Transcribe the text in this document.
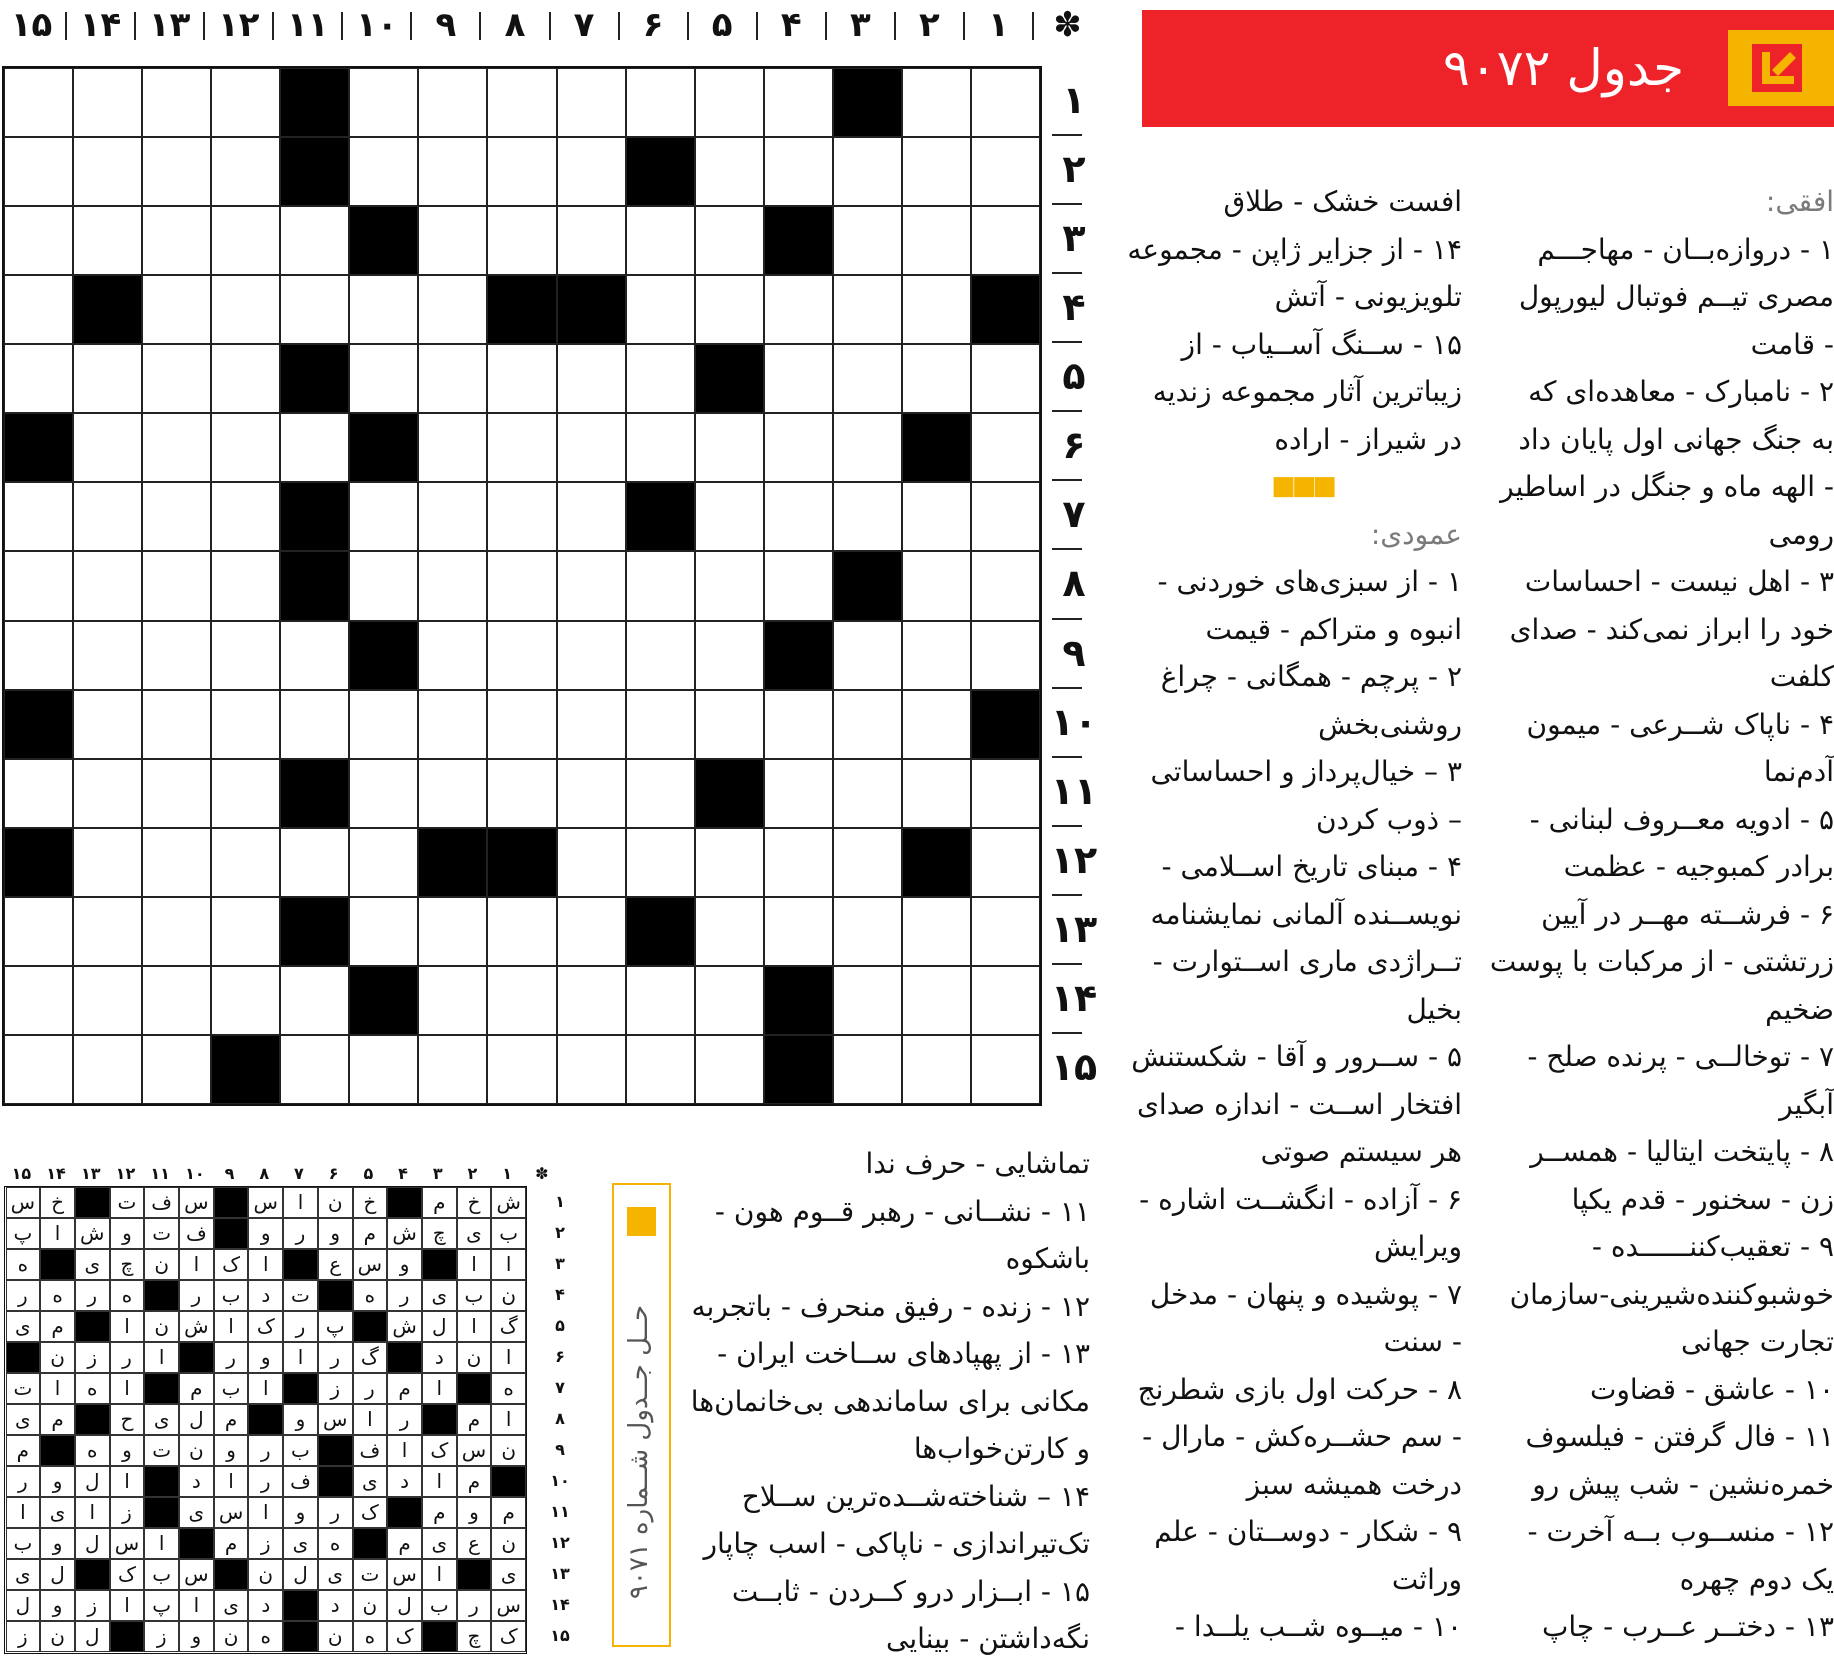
۱۵ ۱۴ ۱۳ ۱۲ ۱۱ ۱۰	۹	۸	۷	۶	۵	۴	۳	۲	۱	✽
۱
۲
۳
۴
۵
۶
۷
۸
۹
۱۰
۱۱
۱۲
۱۳
۱۴
۱۵
جدول ۹۰۷۲
افقی:
۱ - دروازه‌بــان - مهاجـــم
مصری تیــم فوتبال لیورپول
- قامت
۲ - نامبارک - معاهده‌ای که
به جنگ جهانی اول پایان داد
- الهه ماه و جنگل در اساطیر
رومی
۳ - اهل نیست - احساسات
خود را ابراز نمی‌کند - صدای
کلفت
۴ - ناپاک شــرعی - میمون
آدم‌نما
۵ - ادویه معــروف لبنانی -
برادر کمبوجیه - عظمت
۶ - فرشــته مهــر در آیین
زرتشتی - از مرکبات با پوست
ضخیم
۷ - توخالــی - پرنده صلح -
آبگیر
۸ - پایتخت ایتالیا - همســر
زن - سخنور - قدم یکپا
۹ - تعقیب‌کننــــــده -
خوشبوکننده‌شیرینی-سازمان
تجارت جهانی
۱۰ - عاشق - قضاوت
۱۱ - فال گرفتن - فیلسوف
خمره‌نشین - شب پیش رو
۱۲ - منســوب بــه آخرت -
یک دوم چهره
۱۳ - دختــر عــرب - چاپ
افست خشک - طلاق
۱۴ - از جزایر ژاپن - مجموعه
تلویزیونی - آتش
۱۵ - ســنگ آســیاب - از
زیباترین آثار مجموعه زندیه
در شیراز - اراده
■■■
عمودی:
۱ - از سبزی‌های خوردنی -
انبوه و متراکم - قیمت
۲ - پرچم - همگانی - چراغ
روشنی‌بخش
۳ – خیال‌پرداز و احساساتی
– ذوب کردن
۴ - مبنای تاریخ اســلامی -
نویســنده آلمانی نمایشنامه
تــراژدی ماری اســتوارت -
بخیل
۵ - ســرور و آقا - شکستنش
افتخار اســت - اندازه صدای
هر سیستم صوتی
۶ - آزاده - انگشــت اشاره -
ویرایش
۷ - پوشیده و پنهان - مدخل
- سنت
۸ - حرکت اول بازی شطرنج
- سم حشــره‌کش - مارال -
درخت همیشه سبز
۹ - شکار - دوســتان - علم
وراثت
۱۰ - میــوه شــب یلــدا -
تماشایی - حرف ندا
۱۱ - نشــانی - رهبر قــوم هون -
باشکوه
۱۲ - زنده - رفیق منحرف - باتجربه
۱۳ - از پهپادهای ســاخت ایران -
مکانی برای ساماندهی بی‌خانمان‌ها
و کارتن‌خواب‌ها
۱۴ – شناخته‌شــده‌ترین ســلاح
تک‌تیراندازی - ناپاکی - اسب چاپار
۱۵ - ابــزار درو کــردن - ثابــت
نگه‌داشتن - بینایی
حــل جــدول شــماره ۹۰۷۱
۱۵ ۱۴ ۱۳ ۱۲ ۱۱ ۱۰	۹	۸	۷	۶	۵	۴	۳	۲	۱	✽
ش
خ
م
خ
ن
ا
س
س
ف
ت
خ
س
ب
ی
چ
ش
م
و
ر
و
ف
ت
و
ش
ا
پ
ا
ا
و
س
ع
ا
ک
ا
ن
چ
ی
ه
ن
ب
ی
ر
ه
ت
د
ب
ر
ه
ر
ه
ر
گ
ا
ل
ش
پ
ر
ک
ا
ش
ن
ا
م
ی
ا
ن
د
گ
ر
ا
و
ر
ا
ر
ز
ن
ه
ا
م
ر
ز
ا
ب
م
ا
ه
ا
ت
ا
م
ر
ا
س
و
م
ل
ی
ح
م
ی
ن
س
ک
ا
ف
ب
ر
و
ن
ت
و
ه
م
م
ا
د
ی
ف
ر
ا
د
ا
ل
و
ر
م
و
م
ک
ر
و
ا
س
ی
ز
ا
ی
ا
ن
ع
ی
م
ه
ی
ز
م
ا
س
ل
و
ب
ی
ا
س
ت
ی
ل
ن
س
ب
ک
ل
ی
س
ر
ب
ل
ن
د
د
ی
ا
پ
ا
ز
و
ل
ک
چ
ک
ه
ن
ه
ن
و
ز
ل
ن
ز
۱
۲
۳
۴
۵
۶
۷
۸
۹
۱۰
۱۱
۱۲
۱۳
۱۴
۱۵
